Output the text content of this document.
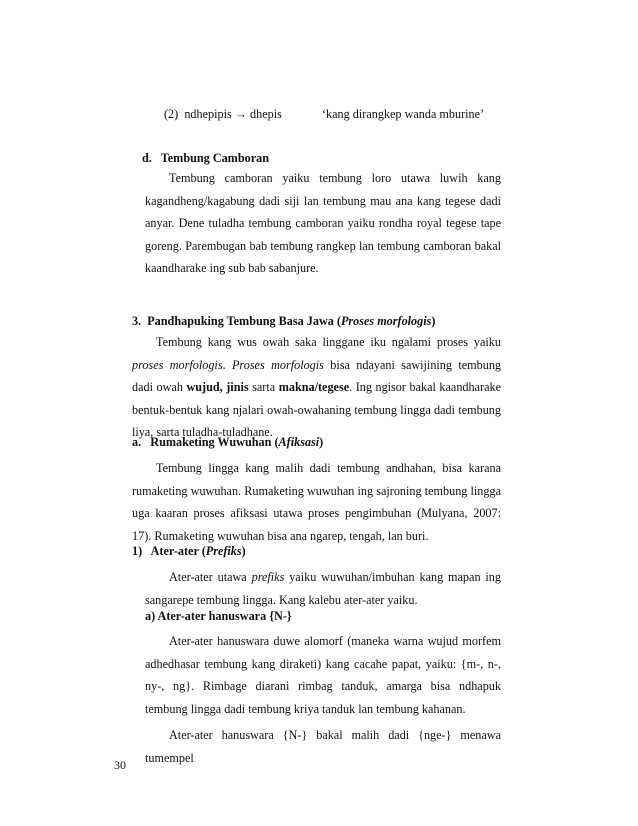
(2) ndhepipis → dhepis	‘kang dirangkep wanda mburine’
d.   Tembung Camboran

Tembung camboran yaiku tembung loro utawa luwih kang kagandheng/kagabung dadi siji lan tembung mau ana kang tegese dadi anyar. Dene tuladha tembung camboran yaiku rondha royal tegese tape goreng. Parembugan bab tembung rangkep lan tembung camboran bakal kaandharake ing sub bab sabanjure.

3.  Pandhapuking Tembung Basa Jawa (Proses morfologis)

Tembung kang wus owah saka linggane iku ngalami proses yaiku proses morfologis. Proses morfologis bisa ndayani sawijining tembung dadi owah wujud, jinis sarta makna/tegese. Ing ngisor bakal kaandharake bentuk-bentuk kang njalari owah-owahaning tembung lingga dadi tembung liya, sarta tuladha-tuladhane.

a.   Rumaketing Wuwuhan (Afiksasi)

Tembung lingga kang malih dadi tembung andhahan, bisa karana rumaketing wuwuhan. Rumaketing wuwuhan ing sajroning tembung lingga uga kaaran proses afiksasi utawa proses pengimbuhan (Mulyana, 2007: 17). Rumaketing wuwuhan bisa ana ngarep, tengah, lan buri.

1)   Ater-ater (Prefiks)

Ater-ater utawa prefiks yaiku wuwuhan/imbuhan kang mapan ing sangarepe tembung lingga. Kang kalebu ater-ater yaiku.

a) Ater-ater hanuswara {N-}

Ater-ater hanuswara duwe alomorf (maneka warna wujud morfem adhedhasar tembung kang diraketi) kang cacahe papat, yaiku: {m-, n-, ny-, ng}. Rimbage diarani rimbag tanduk, amarga bisa ndhapuk tembung lingga dadi tembung kriya tanduk lan tembung kahanan.

Ater-ater hanuswara {N-} bakal malih dadi {nge-} menawa tumempel

30
